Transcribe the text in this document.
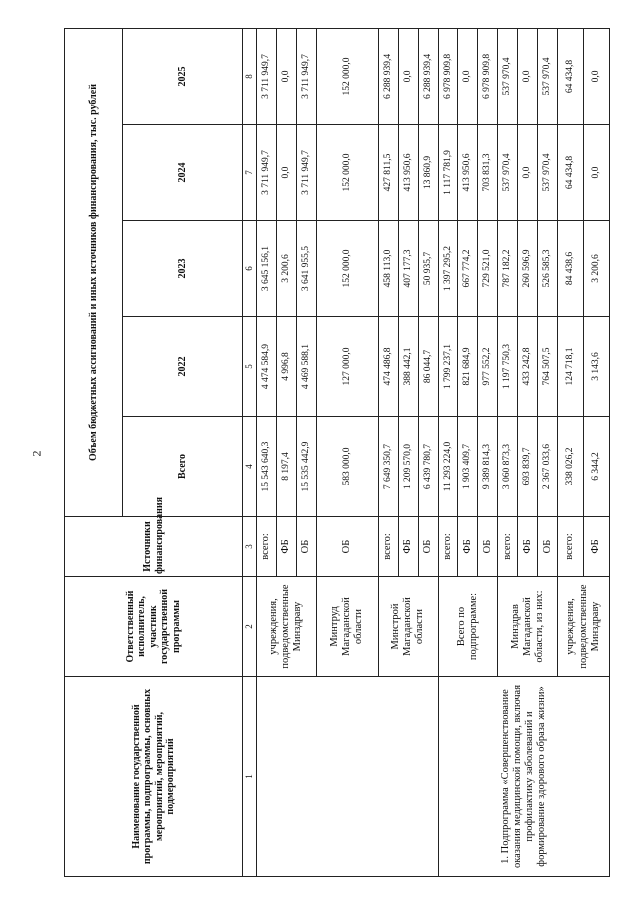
2
Наименование государственной программы, подпрограммы, основных мероприятий, мероприятий, подмероприятий	Ответственный исполнитель, участник государственной программы	Источники финансирования	Объем бюджетных ассигнований и иных источников финансирования, тыс. рублей				
			Всего	2022	2023	2024	2025
1	2	3	4	5	6	7	8
	учреждения, подведомственные Минздраву	всего:	15 543 640,3	4 474 584,9	3 645 156,1	3 711 949,7	3 711 949,7
		ФБ	8 197,4	4 996,8	3 200,6	0,0	0,0
		ОБ	15 535 442,9	4 469 588,1	3 641 955,5	3 711 949,7	3 711 949,7
	Минтруд Магаданской области	ОБ	583 000,0	127 000,0	152 000,0	152 000,0	152 000,0
	Минстрой Магаданской области	всего:	7 649 350,7	474 486,8	458 113,0	427 811,5	6 288 939,4
		ФБ	1 209 570,0	388 442,1	407 177,3	413 950,6	0,0
		ОБ	6 439 780,7	86 044,7	50 935,7	13 860,9	6 288 939,4
1. Подпрограмма «Совершенствование оказания медицинской помощи, включая профилактику заболеваний и формирование здорового образа жизни»	Всего по подпрограмме:	всего:	11 293 224,0	1 799 237,1	1 397 295,2	1 117 781,9	6 978 909,8
		ФБ	1 903 409,7	821 684,9	667 774,2	413 950,6	0,0
		ОБ	9 389 814,3	977 552,2	729 521,0	703 831,3	6 978 909,8
	Минздрав Магаданской области, из них:	всего:	3 060 873,3	1 197 750,3	787 182,2	537 970,4	537 970,4
		ФБ	693 839,7	433 242,8	260 596,9	0,0	0,0
		ОБ	2 367 033,6	764 507,5	526 585,3	537 970,4	537 970,4
	учреждения, подведомственные Минздраву	всего:	338 026,2	124 718,1	84 438,6	64 434,8	64 434,8
		ФБ	6 344,2	3 143,6	3 200,6	0,0	0,0
